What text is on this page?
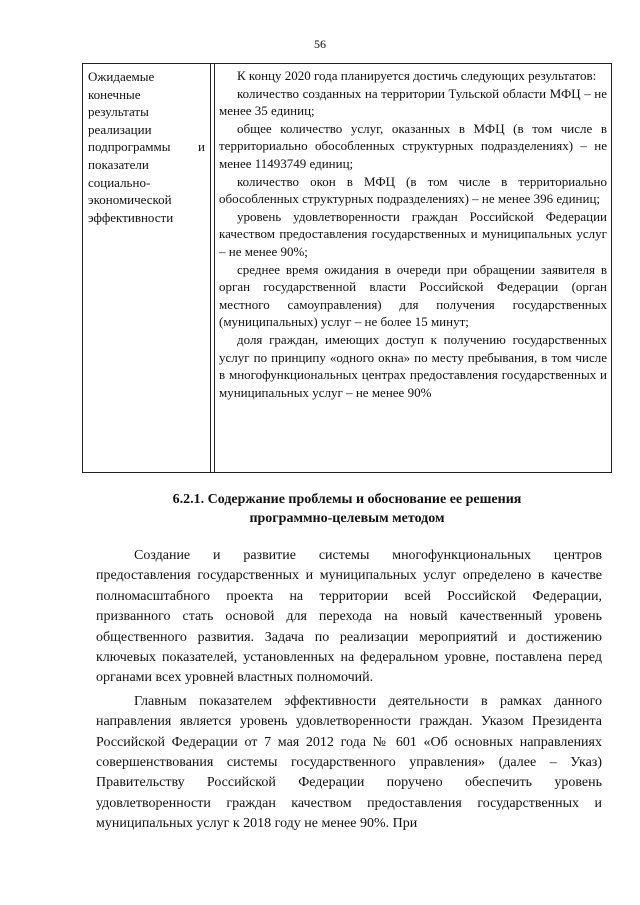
56
Ожидаемые
конечные
результаты
реализации
подпрограммы и
показатели
социально-
экономической
эффективности

К концу 2020 года планируется достичь следующих результатов:

количество созданных на территории Тульской области МФЦ – не менее 35 единиц;

общее количество услуг, оказанных в МФЦ (в том числе в территориально обособленных структурных подразделениях) – не менее 11493749 единиц;

количество окон в МФЦ (в том числе в территориально обособленных структурных подразделениях) – не менее 396 единиц;

уровень удовлетворенности граждан Российской Федерации качеством предоставления государственных и муниципальных услуг – не менее 90%;

среднее время ожидания в очереди при обращении заявителя в орган государственной власти Российской Федерации (орган местного самоуправления) для получения государственных (муниципальных) услуг – не более 15 минут;

доля граждан, имеющих доступ к получению государственных услуг по принципу «одного окна» по месту пребывания, в том числе в многофункциональных центрах предоставления государственных и муниципальных услуг – не менее 90%

6.2.1. Содержание проблемы и обоснование ее решения
программно-целевым методом

Создание и развитие системы многофункциональных центров предоставления государственных и муниципальных услуг определено в качестве полномасштабного проекта на территории всей Российской Федерации, призванного стать основой для перехода на новый качественный уровень общественного развития. Задача по реализации мероприятий и достижению ключевых показателей, установленных на федеральном уровне, поставлена перед органами всех уровней властных полномочий.

Главным показателем эффективности деятельности в рамках данного направления является уровень удовлетворенности граждан. Указом Президента Российской Федерации от 7 мая 2012 года № 601 «Об основных направлениях совершенствования системы государственного управления» (далее – Указ) Правительству Российской Федерации поручено обеспечить уровень удовлетворенности граждан качеством предоставления государственных и муниципальных услуг к 2018 году не менее 90%. При
